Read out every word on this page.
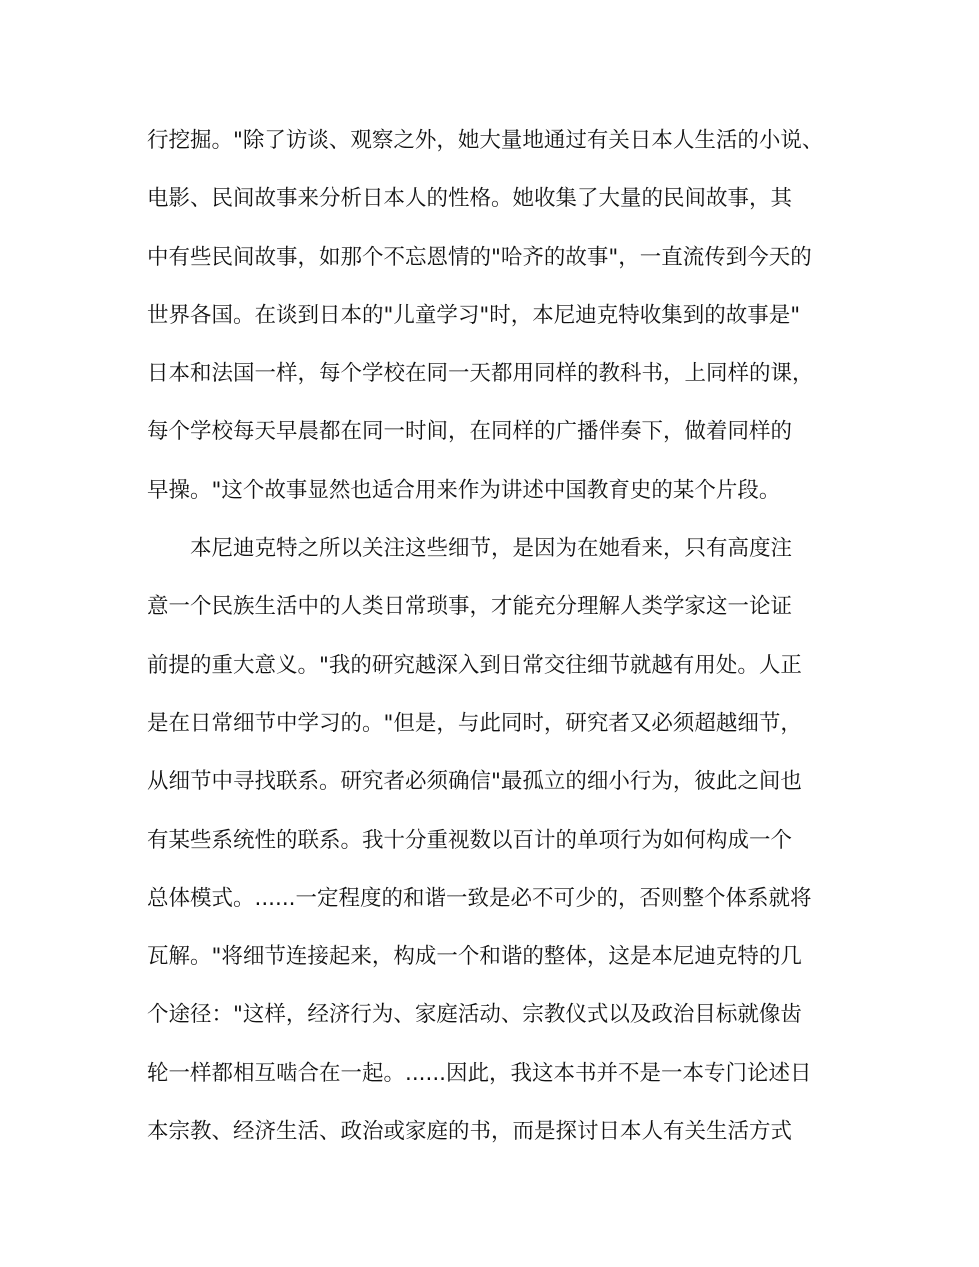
行挖掘。"除了访谈、观察之外，她大量地通过有关日本人生活的小说、
电影、民间故事来分析日本人的性格。她收集了大量的民间故事，其
中有些民间故事，如那个不忘恩情的"哈齐的故事"，一直流传到今天的
世界各国。在谈到日本的"儿童学习"时，本尼迪克特收集到的故事是"
日本和法国一样，每个学校在同一天都用同样的教科书，上同样的课，
每个学校每天早晨都在同一时间，在同样的广播伴奏下，做着同样的
早操。"这个故事显然也适合用来作为讲述中国教育史的某个片段。
本尼迪克特之所以关注这些细节，是因为在她看来，只有高度注
意一个民族生活中的人类日常琐事，才能充分理解人类学家这一论证
前提的重大意义。"我的研究越深入到日常交往细节就越有用处。人正
是在日常细节中学习的。"但是，与此同时，研究者又必须超越细节，
从细节中寻找联系。研究者必须确信"最孤立的细小行为，彼此之间也
有某些系统性的联系。我十分重视数以百计的单项行为如何构成一个
总体模式。......一定程度的和谐一致是必不可少的，否则整个体系就将
瓦解。"将细节连接起来，构成一个和谐的整体，这是本尼迪克特的几
个途径："这样，经济行为、家庭活动、宗教仪式以及政治目标就像齿
轮一样都相互啮合在一起。......因此，我这本书并不是一本专门论述日
本宗教、经济生活、政治或家庭的书，而是探讨日本人有关生活方式
